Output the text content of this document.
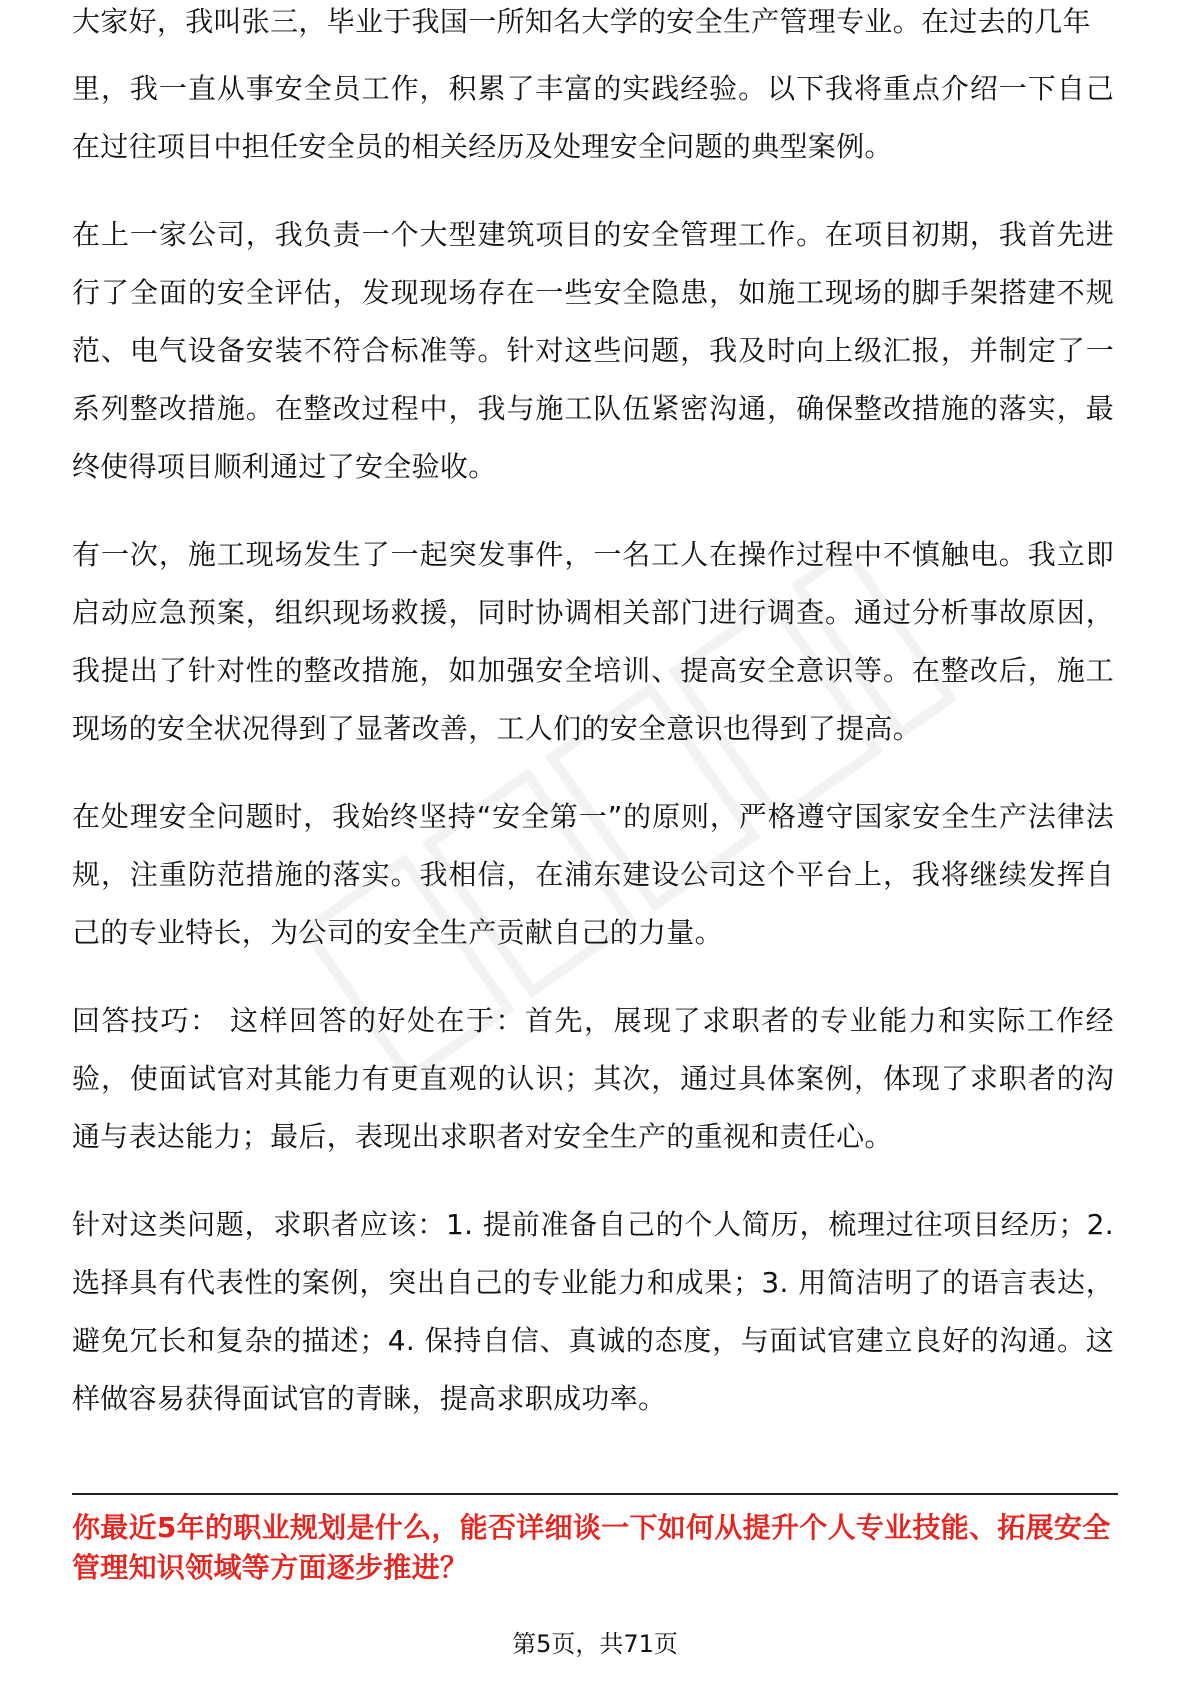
大家好，我叫张三，毕业于我国一所知名大学的安全生产管理专业。在过去的几年

里，我一直从事安全员工作，积累了丰富的实践经验。以下我将重点介绍一下自己在过往项目中担任安全员的相关经历及处理安全问题的典型案例。

在上一家公司，我负责一个大型建筑项目的安全管理工作。在项目初期，我首先进行了全面的安全评估，发现现场存在一些安全隐患，如施工现场的脚手架搭建不规范、电气设备安装不符合标准等。针对这些问题，我及时向上级汇报，并制定了一系列整改措施。在整改过程中，我与施工队伍紧密沟通，确保整改措施的落实，最终使得项目顺利通过了安全验收。

有一次，施工现场发生了一起突发事件，一名工人在操作过程中不慎触电。我立即启动应急预案，组织现场救援，同时协调相关部门进行调查。通过分析事故原因，我提出了针对性的整改措施，如加强安全培训、提高安全意识等。在整改后，施工现场的安全状况得到了显著改善，工人们的安全意识也得到了提高。

在处理安全问题时，我始终坚持“安全第一”的原则，严格遵守国家安全生产法律法规，注重防范措施的落实。我相信，在浦东建设公司这个平台上，我将继续发挥自己的专业特长，为公司的安全生产贡献自己的力量。

回答技巧： 这样回答的好处在于：首先，展现了求职者的专业能力和实际工作经验，使面试官对其能力有更直观的认识；其次，通过具体案例，体现了求职者的沟通与表达能力；最后，表现出求职者对安全生产的重视和责任心。

针对这类问题，求职者应该：1. 提前准备自己的个人简历，梳理过往项目经历；2. 选择具有代表性的案例，突出自己的专业能力和成果；3. 用简洁明了的语言表达，避免冗长和复杂的描述；4. 保持自信、真诚的态度，与面试官建立良好的沟通。这样做容易获得面试官的青睐，提高求职成功率。

你最近5年的职业规划是什么，能否详细谈一下如何从提升个人专业技能、拓展安全管理知识领域等方面逐步推进？

第5页，共71页
